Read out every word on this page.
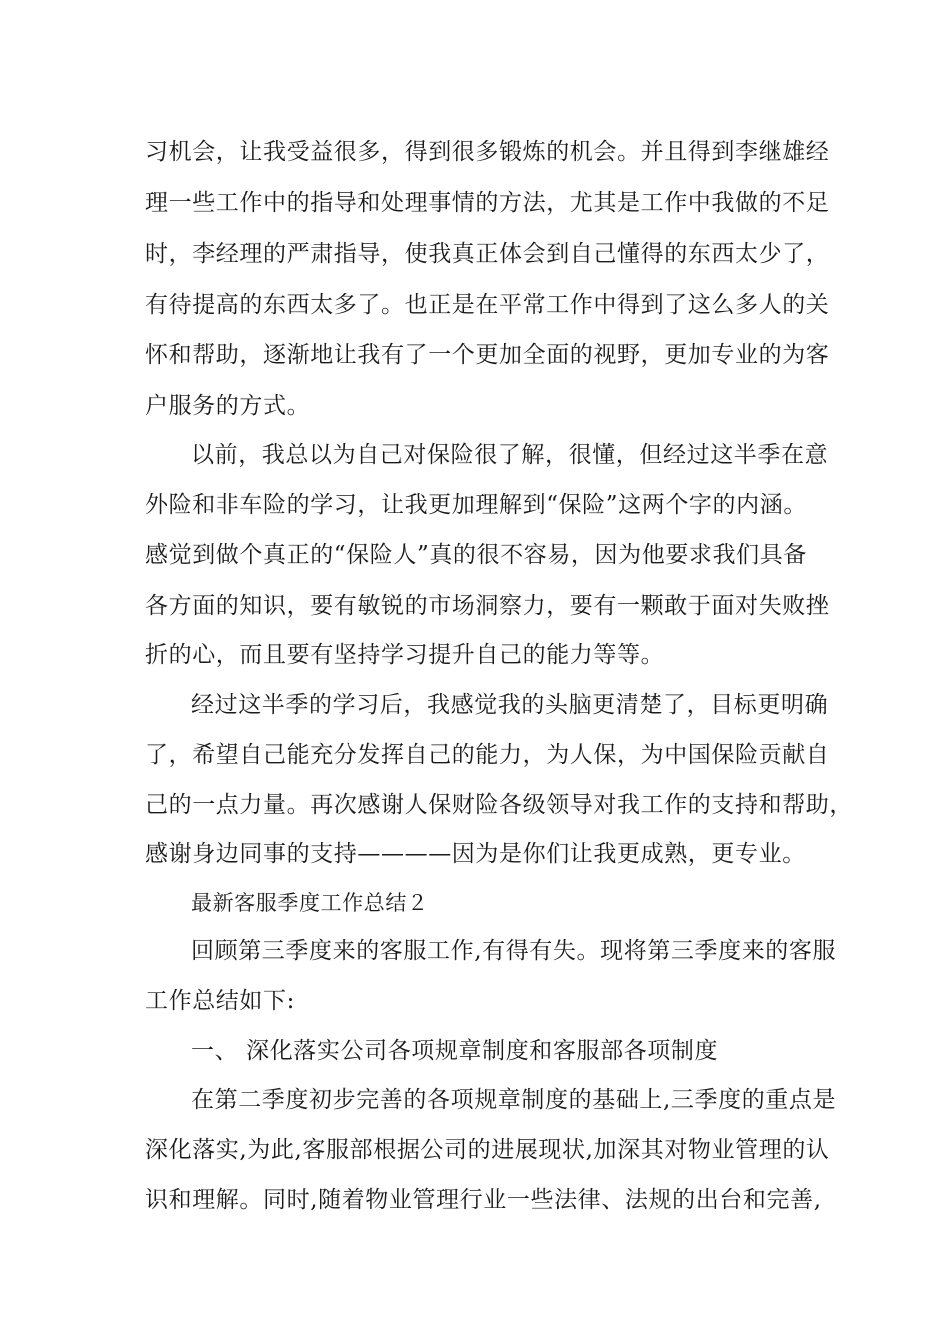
习机会，让我受益很多，得到很多锻炼的机会。并且得到李继雄经
理一些工作中的指导和处理事情的方法，尤其是工作中我做的不足
时，李经理的严肃指导，使我真正体会到自己懂得的东西太少了，
有待提高的东西太多了。也正是在平常工作中得到了这么多人的关
怀和帮助，逐渐地让我有了一个更加全面的视野，更加专业的为客
户服务的方式。
以前，我总以为自己对保险很了解，很懂，但经过这半季在意
外险和非车险的学习，让我更加理解到“保险”这两个字的内涵。
感觉到做个真正的“保险人”真的很不容易，因为他要求我们具备
各方面的知识，要有敏锐的市场洞察力，要有一颗敢于面对失败挫
折的心，而且要有坚持学习提升自己的能力等等。
经过这半季的学习后，我感觉我的头脑更清楚了，目标更明确
了，希望自己能充分发挥自己的能力，为人保，为中国保险贡献自
己的一点力量。再次感谢人保财险各级领导对我工作的支持和帮助，
感谢身边同事的支持————因为是你们让我更成熟，更专业。
最新客服季度工作总结２
回顾第三季度来的客服工作,有得有失。现将第三季度来的客服
工作总结如下:
一、 深化落实公司各项规章制度和客服部各项制度
在第二季度初步完善的各项规章制度的基础上,三季度的重点是
深化落实,为此,客服部根据公司的进展现状,加深其对物业管理的认
识和理解。同时,随着物业管理行业一些法律、法规的出台和完善,
